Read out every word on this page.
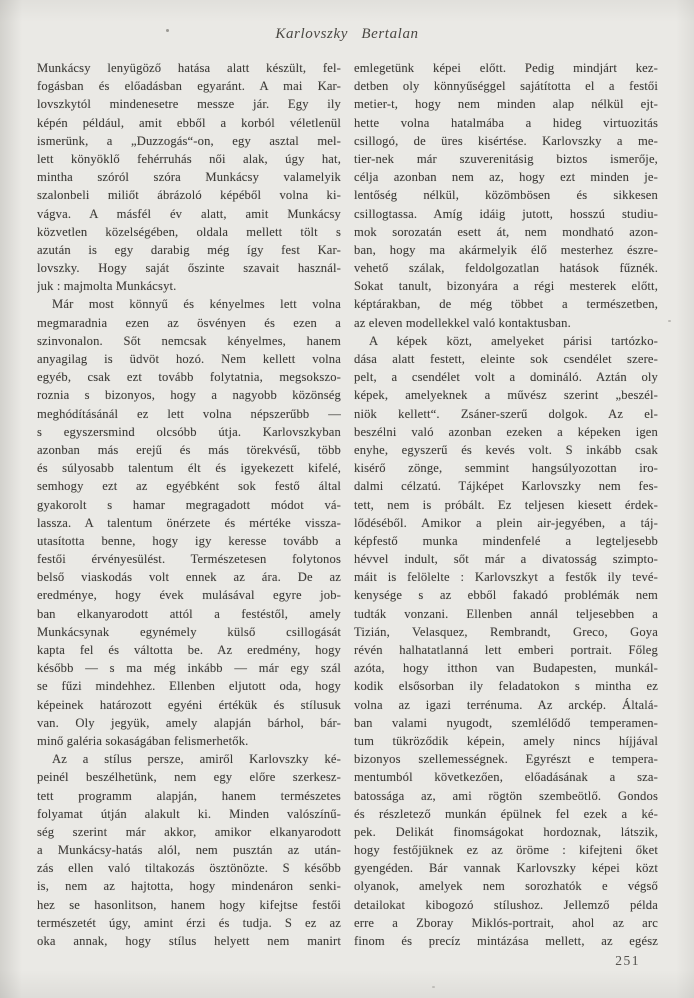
Karlovszky Bertalan
Munkácsy lenyügöző hatása alatt készült, fel-
fogásban és előadásban egyaránt. A mai Kar-
lovszkytól mindenesetre messze jár. Egy ily
képén például, amit ebből a korból véletlenül
ismerünk, a „Duzzogás“-on, egy asztal mel-
lett könyöklő fehérruhás női alak, úgy hat,
mintha szóról szóra Munkácsy valamelyik
szalonbeli miliőt ábrázoló képéből volna ki-
vágva. A másfél év alatt, amit Munkácsy
közvetlen közelségében, oldala mellett tölt s
azután is egy darabig még így fest Kar-
lovszky. Hogy saját őszinte szavait használ-
juk : majmolta Munkácsyt.
Már most könnyű és kényelmes lett volna
megmaradnia ezen az ösvényen és ezen a
szinvonalon. Sőt nemcsak kényelmes, hanem
anyagilag is üdvöt hozó. Nem kellett volna
egyéb, csak ezt tovább folytatnia, megsokszo-
roznia s bizonyos, hogy a nagyobb közönség
meghódításánál ez lett volna népszerűbb —
s egyszersmind olcsóbb útja. Karlovszkyban
azonban más erejű és más törekvésű, több
és súlyosabb talentum élt és igyekezett kifelé,
semhogy ezt az egyébként sok festő által
gyakorolt s hamar megragadott módot vá-
lassza. A talentum önérzete és mértéke vissza-
utasította benne, hogy igy keresse tovább a
festői érvényesülést. Természetesen folytonos
belső viaskodás volt ennek az ára. De az
eredménye, hogy évek mulásával egyre job-
ban elkanyarodott attól a festéstől, amely
Munkácsynak egynémely külső csillogását
kapta fel és váltotta be. Az eredmény, hogy
később — s ma még inkább — már egy szál
se fűzi mindehhez. Ellenben eljutott oda, hogy
képeinek határozott egyéni értékük és stílusuk
van. Oly jegyük, amely alapján bárhol, bár-
minő galéria sokaságában felismerhetők.
Az a stílus persze, amiről Karlovszky ké-
peinél beszélhetünk, nem egy előre szerkesz-
tett programm alapján, hanem természetes
folyamat útján alakult ki. Minden valószínű-
ség szerint már akkor, amikor elkanyarodott
a Munkácsy-hatás alól, nem pusztán az után-
zás ellen való tiltakozás ösztönözte. S később
is, nem az hajtotta, hogy mindenáron senki-
hez se hasonlitson, hanem hogy kifejtse festői
természetét úgy, amint érzi és tudja. S ez az
oka annak, hogy stílus helyett nem manirt
emlegetünk képei előtt. Pedig mindjárt kez-
detben oly könnyűséggel sajátította el a festői
metier-t, hogy nem minden alap nélkül ejt-
hette volna hatalmába a hideg virtuozitás
csillogó, de üres kisértése. Karlovszky a me-
tier-nek már szuverenitásig biztos ismerője,
célja azonban nem az, hogy ezt minden je-
lentőség nélkül, közömbösen és sikkesen
csillogtassa. Amíg idáig jutott, hosszú studiu-
mok sorozatán esett át, nem mondható azon-
ban, hogy ma akármelyik élő mesterhez észre-
vehető szálak, feldolgozatlan hatások fűznék.
Sokat tanult, bizonyára a régi mesterek előtt,
képtárakban, de még többet a természetben,
az eleven modellekkel való kontaktusban.
A képek közt, amelyeket párisi tartózko-
dása alatt festett, eleinte sok csendélet szere-
pelt, a csendélet volt a domináló. Aztán oly
képek, amelyeknek a művész szerint „beszél-
niök kellett“. Zsáner-szerű dolgok. Az el-
beszélni való azonban ezeken a képeken igen
enyhe, egyszerű és kevés volt. S inkább csak
kisérő zönge, semmint hangsúlyozottan iro-
dalmi célzatú. Tájképet Karlovszky nem fes-
tett, nem is próbált. Ez teljesen kiesett érdek-
lődéséből. Amikor a plein air-jegyében, a táj-
képfestő munka mindenfelé a legteljesebb
hévvel indult, sőt már a divatosság szimpto-
máit is felölelte : Karlovszkyt a festők ily tevé-
kenysége s az ebből fakadó problémák nem
tudták vonzani. Ellenben annál teljesebben a
Tizián, Velasquez, Rembrandt, Greco, Goya
révén halhatatlanná lett emberi portrait. Főleg
azóta, hogy itthon van Budapesten, munkál-
kodik elsősorban ily feladatokon s mintha ez
volna az igazi terrénuma. Az arckép. Általá-
ban valami nyugodt, szemlélődő temperamen-
tum tükröződik képein, amely nincs híjjával
bizonyos szellemességnek. Egyrészt e tempera-
mentumból következően, előadásának a sza-
batossága az, ami rögtön szembeötlő. Gondos
és részletező munkán épülnek fel ezek a ké-
pek. Delikát finomságokat hordoznak, látszik,
hogy festőjüknek ez az öröme : kifejteni őket
gyengéden. Bár vannak Karlovszky képei közt
olyanok, amelyek nem sorozhatók e végső
detailokat kibogozó stílushoz. Jellemző példa
erre a Zboray Miklós-portrait, ahol az arc
finom és precíz mintázása mellett, az egész
251
